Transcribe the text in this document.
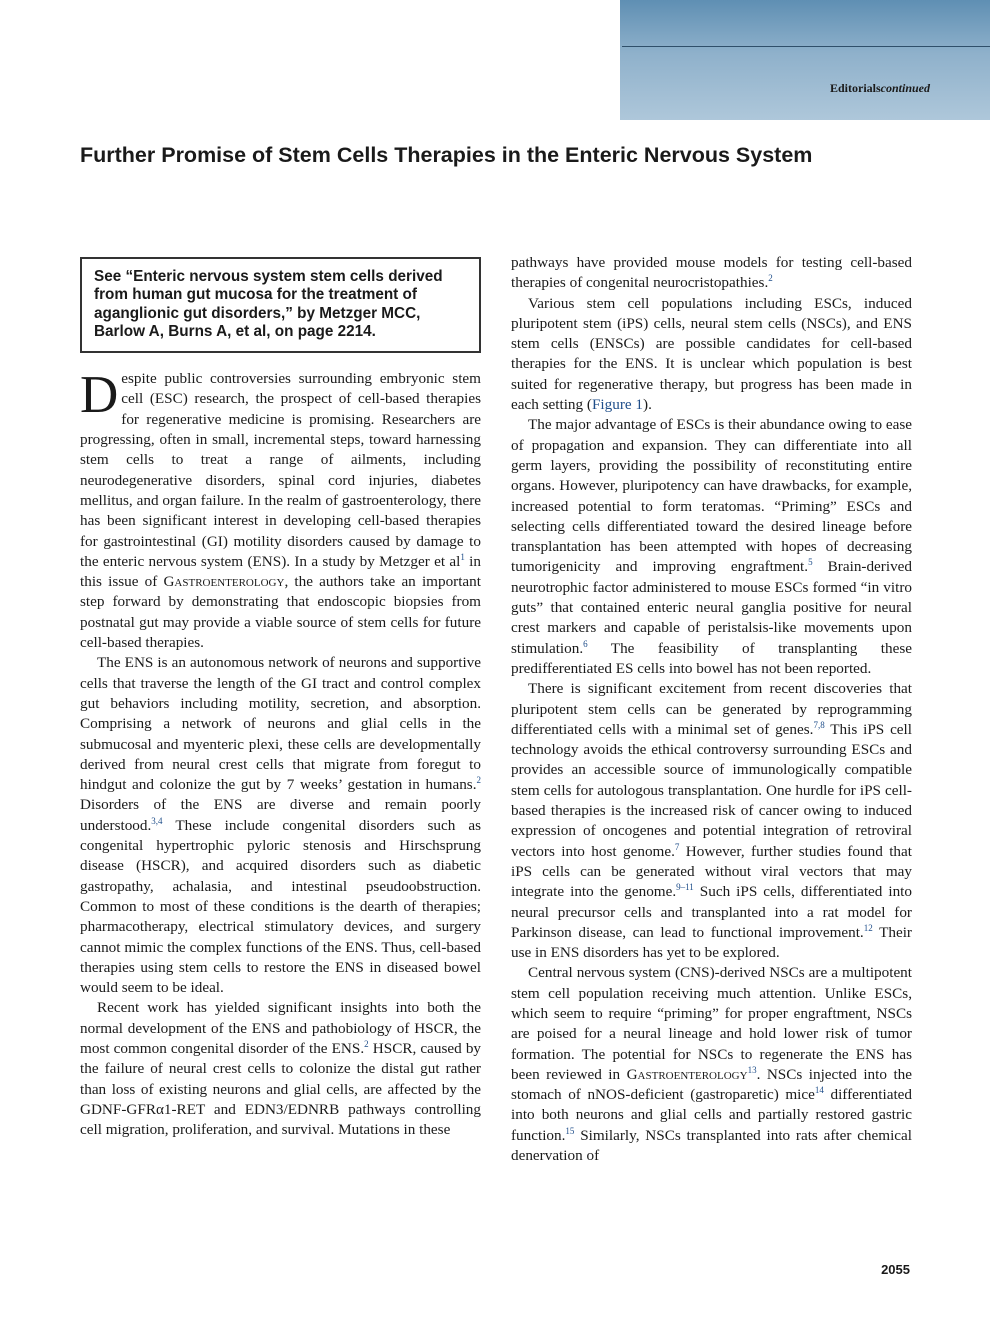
Editorialscontinued
Further Promise of Stem Cells Therapies in the Enteric Nervous System
See “Enteric nervous system stem cells derived from human gut mucosa for the treatment of aganglionic gut disorders,” by Metzger MCC, Barlow A, Burns A, et al, on page 2214.

Despite public controversies surrounding embryonic stem cell (ESC) research, the prospect of cell-based therapies for regenerative medicine is promising. Researchers are progressing, often in small, incremental steps, toward harnessing stem cells to treat a range of ailments, including neurodegenerative disorders, spinal cord injuries, diabetes mellitus, and organ failure. In the realm of gastroenterology, there has been significant interest in developing cell-based therapies for gastrointestinal (GI) motility disorders caused by damage to the enteric nervous system (ENS). In a study by Metzger et $al^1$ in this issue of Gastroenterology, the authors take an important step forward by demonstrating that endoscopic biopsies from postnatal gut may provide a viable source of stem cells for future cell-based therapies.

The ENS is an autonomous network of neurons and supportive cells that traverse the length of the GI tract and control complex gut behaviors including motility, secretion, and absorption. Comprising a network of neurons and glial cells in the submucosal and myenteric plexi, these cells are developmentally derived from neural crest cells that migrate from foregut to hindgut and colonize the gut by 7 weeks’ gestation in humans.$^2$ Disorders of the ENS are diverse and remain poorly understood.$^{3,4}$ These include congenital disorders such as congenital hypertrophic pyloric stenosis and Hirschsprung disease (HSCR), and acquired disorders such as diabetic gastropathy, achalasia, and intestinal pseudoobstruction. Common to most of these conditions is the dearth of therapies; pharmacotherapy, electrical stimulatory devices, and surgery cannot mimic the complex functions of the ENS. Thus, cell-based therapies using stem cells to restore the ENS in diseased bowel would seem to be ideal.

Recent work has yielded significant insights into both the normal development of the ENS and pathobiology of HSCR, the most common congenital disorder of the ENS.$^2$ HSCR, caused by the failure of neural crest cells to colonize the distal gut rather than loss of existing neurons and glial cells, are affected by the GDNF-GFRα1-RET and EDN3/EDNRB pathways controlling cell migration, proliferation, and survival. Mutations in these

pathways have provided mouse models for testing cell-based therapies of congenital neurocristopathies.$^2$

Various stem cell populations including ESCs, induced pluripotent stem (iPS) cells, neural stem cells (NSCs), and ENS stem cells (ENSCs) are possible candidates for cell-based therapies for the ENS. It is unclear which population is best suited for regenerative therapy, but progress has been made in each setting (Figure 1).

The major advantage of ESCs is their abundance owing to ease of propagation and expansion. They can differentiate into all germ layers, providing the possibility of reconstituting entire organs. However, pluripotency can have drawbacks, for example, increased potential to form teratomas. “Priming” ESCs and selecting cells differentiated toward the desired lineage before transplantation has been attempted with hopes of decreasing tumorigenicity and improving engraftment.$^5$ Brain-derived neurotrophic factor administered to mouse ESCs formed “in vitro guts” that contained enteric neural ganglia positive for neural crest markers and capable of peristalsis-like movements upon stimulation.$^6$ The feasibility of transplanting these predifferentiated ES cells into bowel has not been reported.

There is significant excitement from recent discoveries that pluripotent stem cells can be generated by reprogramming differentiated cells with a minimal set of genes.$^{7,8}$ This iPS cell technology avoids the ethical controversy surrounding ESCs and provides an accessible source of immunologically compatible stem cells for autologous transplantation. One hurdle for iPS cell-based therapies is the increased risk of cancer owing to induced expression of oncogenes and potential integration of retroviral vectors into host genome.$^7$ However, further studies found that iPS cells can be generated without viral vectors that may integrate into the genome.$^{9-11}$ Such iPS cells, differentiated into neural precursor cells and transplanted into a rat model for Parkinson disease, can lead to functional improvement.$^{12}$ Their use in ENS disorders has yet to be explored.

Central nervous system (CNS)-derived NSCs are a multipotent stem cell population receiving much attention. Unlike ESCs, which seem to require “priming” for proper engraftment, NSCs are poised for a neural lineage and hold lower risk of tumor formation. The potential for NSCs to regenerate the ENS has been reviewed in Gastroenterology$^{13}$. NSCs injected into the stomach of nNOS-deficient (gastroparetic) mice$^{14}$ differentiated into both neurons and glial cells and partially restored gastric function.$^{15}$ Similarly, NSCs transplanted into rats after chemical denervation of

2055
